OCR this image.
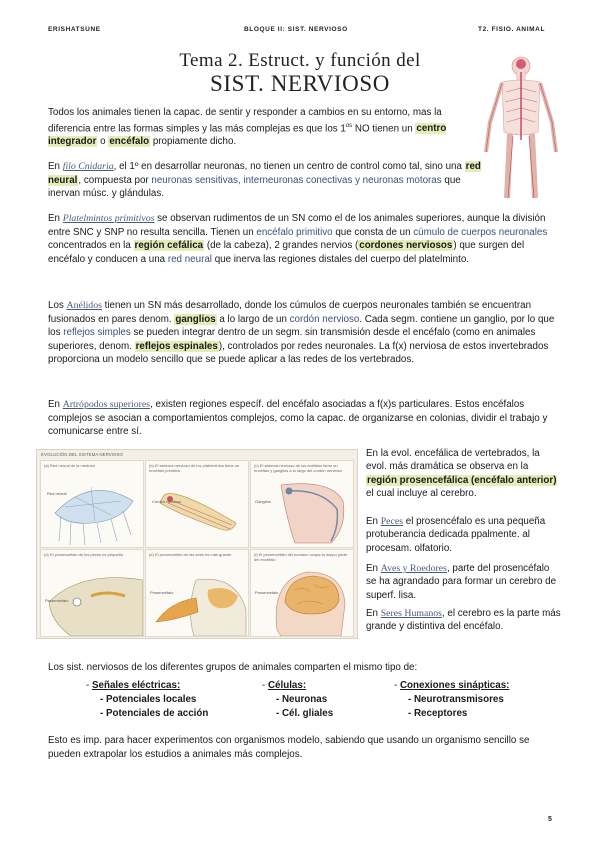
ERISHATSUNE	BLOQUE II: SIST. NERVIOSO	T2. FISIO. ANIMAL
Tema 2. Estruct. y función del
SIST. NERVIOSO

Todos los animales tienen la capac. de sentir y responder a cambios en su entorno, mas la diferencia entre las formas simples y las más complejas es que los $1^{os}$ NO tienen un centro integrador o encéfalo propiamente dicho.

En filo Cnidaria, el 1º en desarrollar neuronas, no tienen un centro de control como tal, sino una red neural, compuesta por neuronas sensitivas, interneuronas conectivas y neuronas motoras que inervan músc. y glándulas.

En Platelmintos primitivos se observan rudimentos de un SN como el de los animales superiores, aunque la división entre SNC y SNP no resulta sencilla. Tienen un encéfalo primitivo que consta de un cúmulo de cuerpos neuronales concentrados en la región cefálica (de la cabeza), 2 grandes nervios (cordones nerviosos) que surgen del encéfalo y conducen a una red neural que inerva las regiones distales del cuerpo del platelminto.

Los Anélidos tienen un SN más desarrollado, donde los cúmulos de cuerpos neuronales también se encuentran fusionados en pares denom. ganglios a lo largo de un cordón nervioso. Cada segm. contiene un ganglio, por lo que los reflejos simples se pueden integrar dentro de un segm. sin transmisión desde el encéfalo (como en animales superiores, denom. reflejos espinales), controlados por redes neuronales. La f(x) nerviosa de estos invertebrados proporciona un modelo sencillo que se puede aplicar a las redes de los vertebrados.

En Artrópodos superiores, existen regiones específ. del encéfalo asociadas a f(x)s particulares. Estos encéfalos complejos se asocian a comportamientos complejos, como la capac. de organizarse en colonias, dividir el trabajo y comunicarse entre sí.

EVOLUCIÓN DEL SISTEMA NERVIOSO
(a) Red neural de la medusa
Red neural
(b) El sistema nervioso de los platelmintos tiene un encéfalo primitivo
Cordón nervioso
(c) El sistema nervioso de los anélidos tiene un encéfalo y ganglios a lo largo del cordón nervioso
Ganglios
(d) El prosencéfalo de los peces es pequeño
Prosencéfalo
(e) El prosencéfalo de las aves es más grande
Prosencéfalo
(f) El prosencéfalo del humano ocupa la mayor parte del encéfalo
Prosencéfalo

En la evol. encefálica de vertebrados, la evol. más dramática se observa en la región prosencefálica (encéfalo anterior) el cual incluye al cerebro.

En Peces el prosencéfalo es una pequeña protuberancia dedicada ppalmente. al procesam. olfatorio.

En Aves y Roedores, parte del prosencéfalo se ha agrandado para formar un cerebro de superf. lisa.

En Seres Humanos, el cerebro es la parte más grande y distintiva del encéfalo.

Los sist. nerviosos de los diferentes grupos de animales comparten el mismo tipo de:

- Señales eléctricas:
- Potenciales locales
- Potenciales de acción
- Células:
- Neuronas
- Cél. gliales
- Conexiones sinápticas:
- Neurotransmisores
- Receptores

Esto es imp. para hacer experimentos con organismos modelo, sabiendo que usando un organismo sencillo se pueden extrapolar los estudios a animales más complejos.

5
